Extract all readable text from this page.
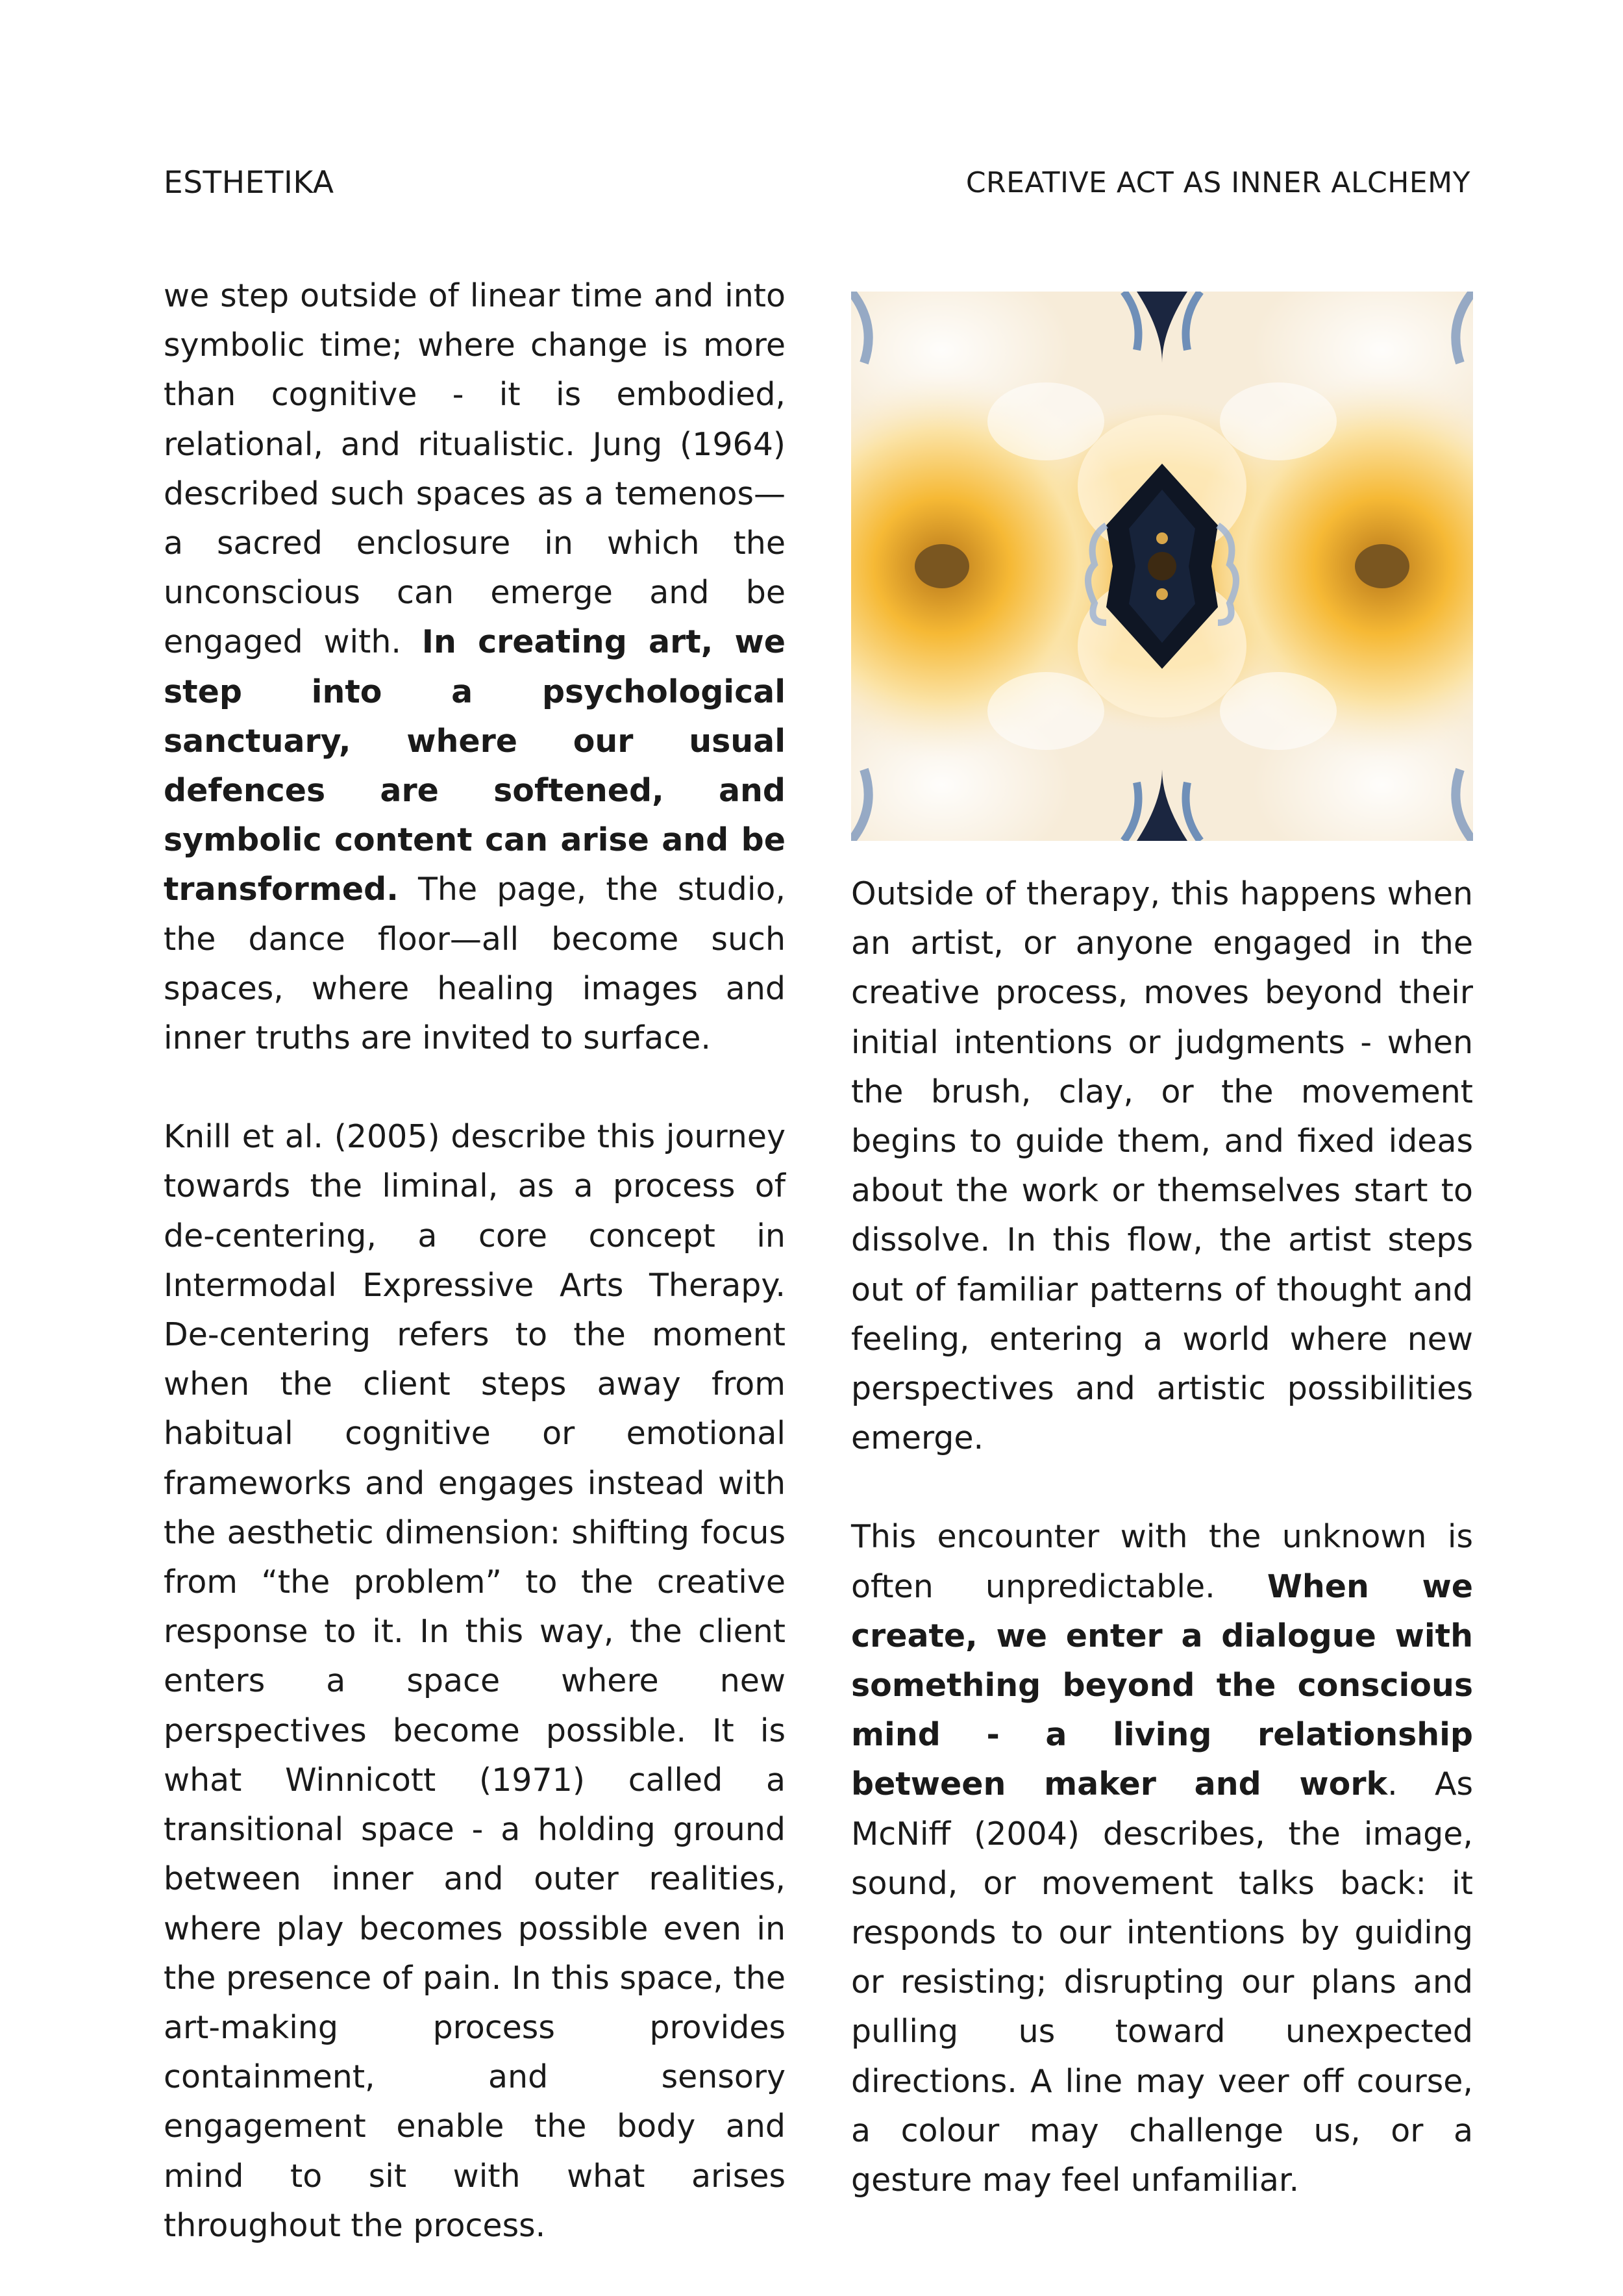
ESTHETIKA	CREATIVE ACT AS INNER ALCHEMY

we step outside of linear time and into symbolic time; where change is more than cognitive - it is embodied, relational, and ritualistic. Jung (1964) described such spaces as a temenos—a sacred enclosure in which the unconscious can emerge and be engaged with. In creating art, we step into a psychological sanctuary, where our usual defences are softened, and symbolic content can arise and be transformed. The page, the studio, the dance floor—all become such spaces, where healing images and inner truths are invited to surface.

Knill et al. (2005) describe this journey towards the liminal, as a process of de-centering, a core concept in Intermodal Expressive Arts Therapy. De-centering refers to the moment when the client steps away from habitual cognitive or emotional frameworks and engages instead with the aesthetic dimension: shifting focus from “the problem” to the creative response to it. In this way, the client enters a space where new perspectives become possible. It is what Winnicott (1971) called a transitional space - a holding ground between inner and outer realities, where play becomes possible even in the presence of pain. In this space, the art-making process provides containment, and sensory engagement enable the body and mind to sit with what arises throughout the process.

Outside of therapy, this happens when an artist, or anyone engaged in the creative process, moves beyond their initial intentions or judgments - when the brush, clay, or the movement begins to guide them, and fixed ideas about the work or themselves start to dissolve. In this flow, the artist steps out of familiar patterns of thought and feeling, entering a world where new perspectives and artistic possibilities emerge.

This encounter with the unknown is often unpredictable. When we create, we enter a dialogue with something beyond the conscious mind - a living relationship between maker and work. As McNiff (2004) describes, the image, sound, or movement talks back: it responds to our intentions by guiding or resisting; disrupting our plans and pulling us toward unexpected directions. A line may veer off course, a colour may challenge us, or a gesture may feel unfamiliar.
